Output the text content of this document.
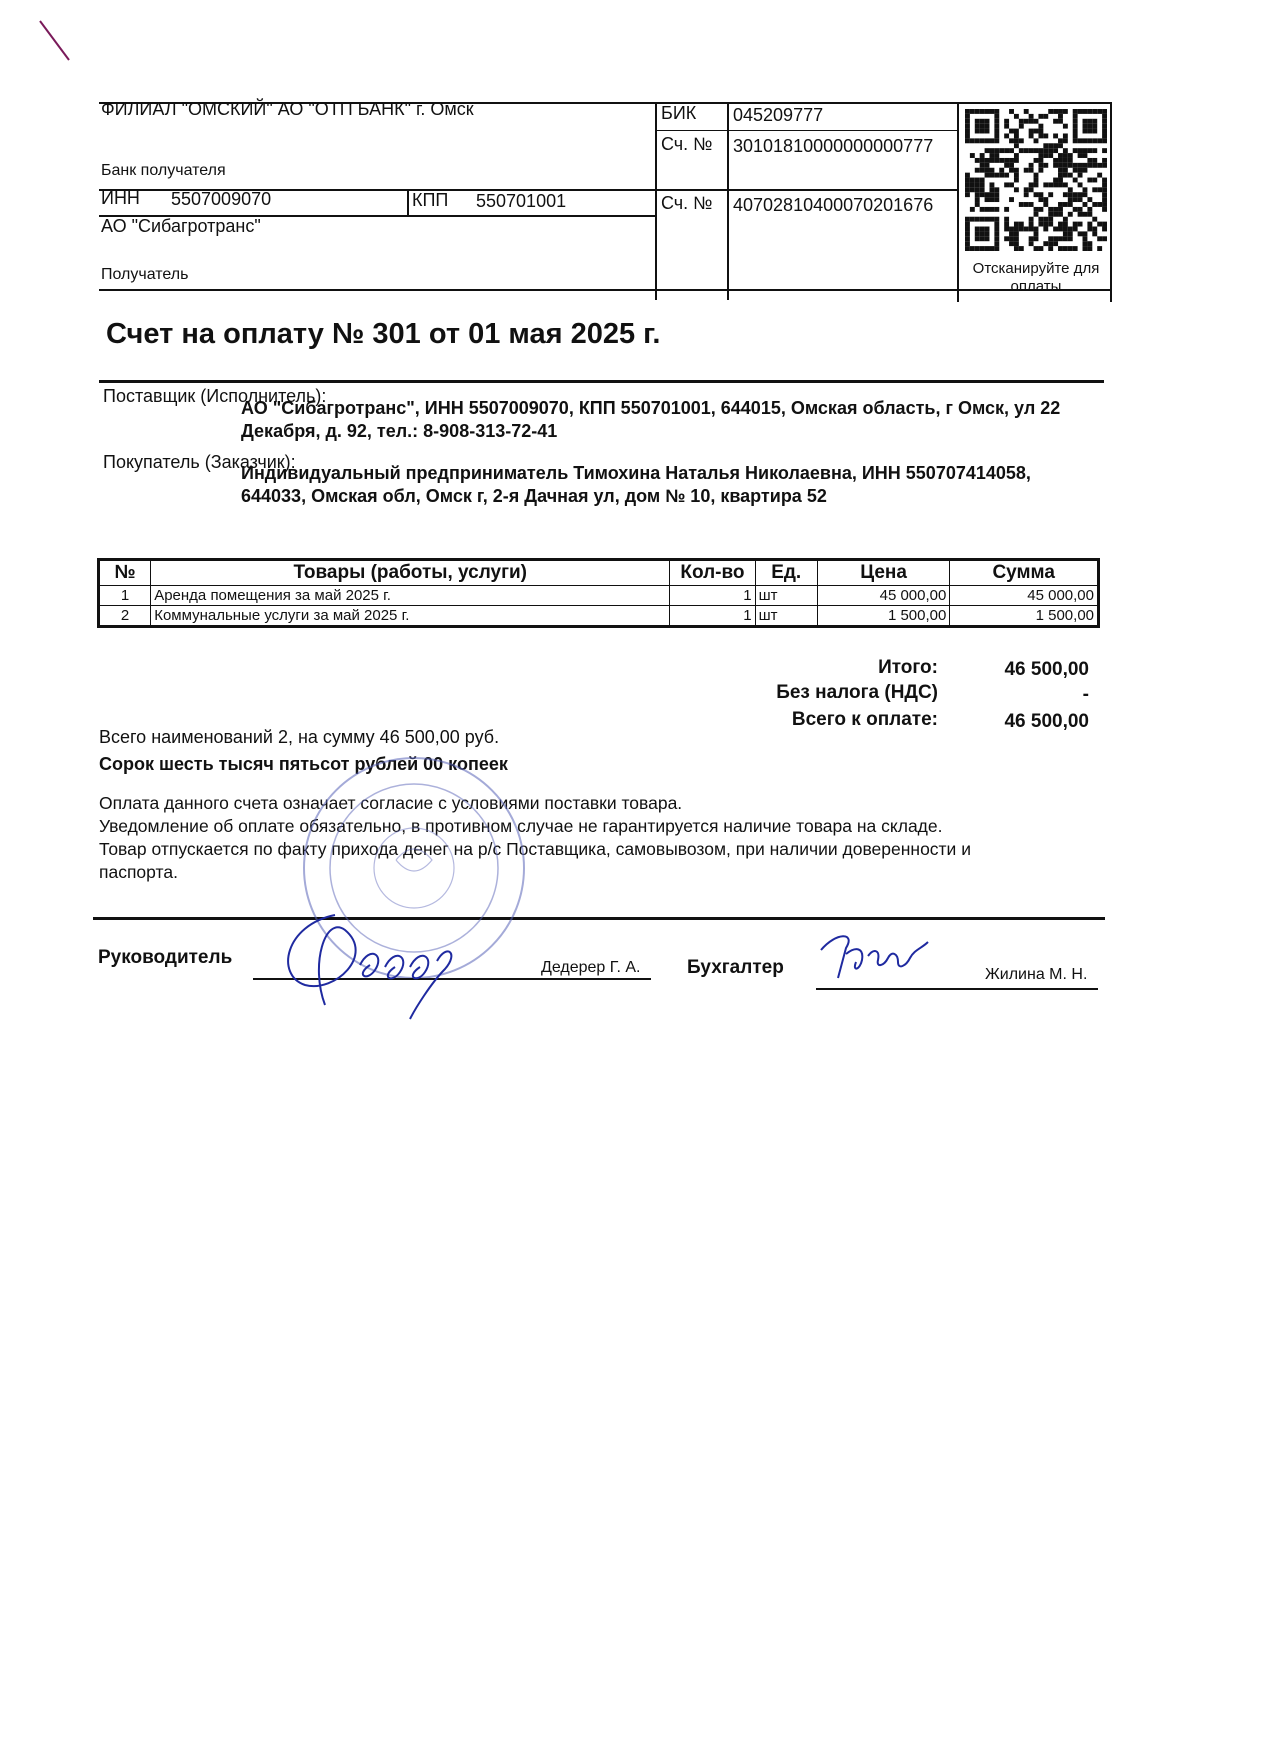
ФИЛИАЛ "ОМСКИЙ" АО "ОТП БАНК" г. Омск
Банк получателя
БИК 045209777
Сч. № 30101810000000000777
ИНН 5507009070	КПП 550701001	Сч. № 40702810400070201676
АО "Сибагротранс"
Получатель	Отсканируйте для оплаты
Счет на оплату № 301 от 01 мая 2025 г.
Поставщик (Исполнитель):
АО "Сибагротранс", ИНН 5507009070, КПП 550701001, 644015, Омская область, г Омск, ул 22 Декабря, д. 92, тел.: 8-908-313-72-41
Покупатель (Заказчик):
Индивидуальный предприниматель Тимохина Наталья Николаевна, ИНН 550707414058, 644033, Омская обл, Омск г, 2-я Дачная ул, дом № 10, квартира 52
№	Товары (работы, услуги)	Кол-во	Ед.	Цена	Сумма
1	Аренда помещения за май 2025 г.	1	шт	45 000,00	45 000,00
2	Коммунальные услуги за май 2025 г.	1	шт	1 500,00	1 500,00
Итого:	46 500,00
Без налога (НДС)	-
Всего к оплате:	46 500,00
Всего наименований 2, на сумму 46 500,00 руб.
Сорок шесть тысяч пятьсот рублей 00 копеек
Оплата данного счета означает согласие с условиями поставки товара.
Уведомление об оплате обязательно, в противном случае не гарантируется наличие товара на складе.
Товар отпускается по факту прихода денег на р/с Поставщика, самовывозом, при наличии доверенности и паспорта.
Руководитель	Дедерер Г. А. Бухгалтер	Жилина М. Н.
